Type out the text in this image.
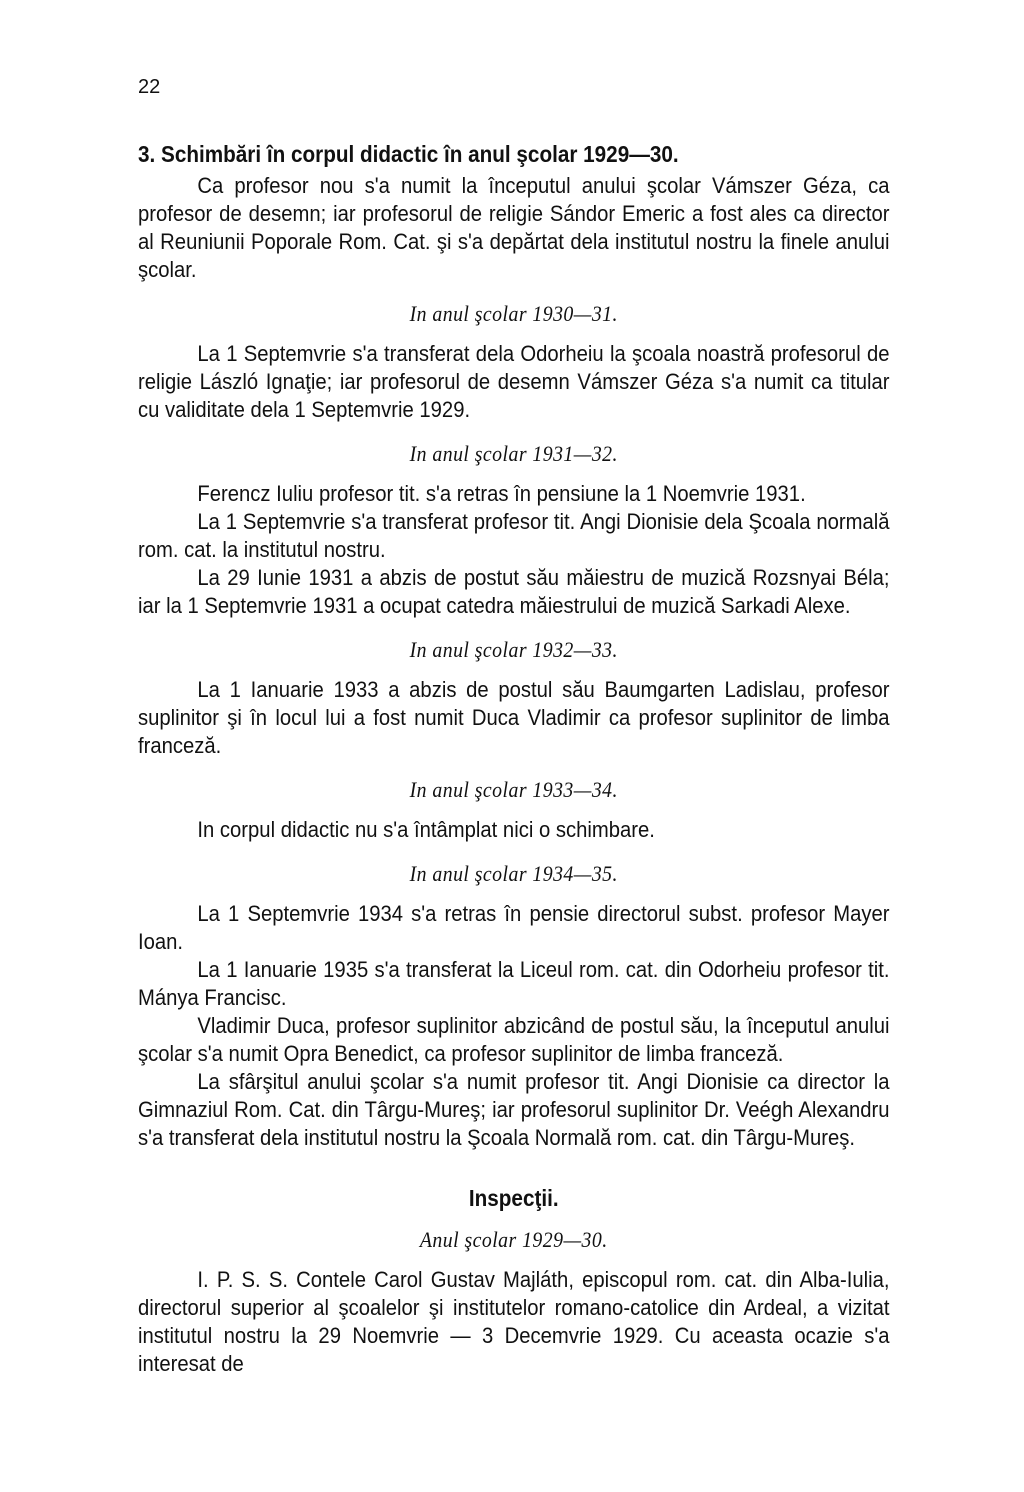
22
3. Schimbări în corpul didactic în anul şcolar 1929—30.

Ca profesor nou s'a numit la începutul anului şcolar Vámszer Géza, ca profesor de desemn; iar profesorul de religie Sándor Emeric a fost ales ca director al Reuniunii Poporale Rom. Cat. şi s'a depărtat dela institutul nostru la finele anului şcolar.

In anul şcolar 1930—31.

La 1 Septemvrie s'a transferat dela Odorheiu la şcoala noastră profesorul de religie László Ignaţie; iar profesorul de desemn Vámszer Géza s'a numit ca titular cu validitate dela 1 Septemvrie 1929.

In anul şcolar 1931—32.

Ferencz Iuliu profesor tit. s'a retras în pensiune la 1 Noemvrie 1931.

La 1 Septemvrie s'a transferat profesor tit. Angi Dionisie dela Şcoala normală rom. cat. la institutul nostru.

La 29 Iunie 1931 a abzis de postut său măiestru de muzică Rozsnyai Béla; iar la 1 Septemvrie 1931 a ocupat catedra măiestrului de muzică Sarkadi Alexe.

In anul şcolar 1932—33.

La 1 Ianuarie 1933 a abzis de postul său Baumgarten Ladislau, profesor suplinitor şi în locul lui a fost numit Duca Vladimir ca profesor suplinitor de limba franceză.

In anul şcolar 1933—34.

In corpul didactic nu s'a întâmplat nici o schimbare.

In anul şcolar 1934—35.

La 1 Septemvrie 1934 s'a retras în pensie directorul subst. profesor Mayer Ioan.

La 1 Ianuarie 1935 s'a transferat la Liceul rom. cat. din Odorheiu profesor tit. Mánya Francisc.

Vladimir Duca, profesor suplinitor abzicând de postul său, la începutul anului şcolar s'a numit Opra Benedict, ca profesor suplinitor de limba franceză.

La sfârşitul anului şcolar s'a numit profesor tit. Angi Dionisie ca director la Gimnaziul Rom. Cat. din Târgu-Mureş; iar profesorul suplinitor Dr. Veégh Alexandru s'a transferat dela institutul nostru la Şcoala Normală rom. cat. din Târgu-Mureş.

Inspecţii.
Anul şcolar 1929—30.

I. P. S. S. Contele Carol Gustav Majláth, episcopul rom. cat. din Alba-Iulia, directorul superior al şcoalelor şi institutelor romano-catolice din Ardeal, a vizitat institutul nostru la 29 Noemvrie — 3 Decemvrie 1929. Cu aceasta ocazie s'a interesat de
